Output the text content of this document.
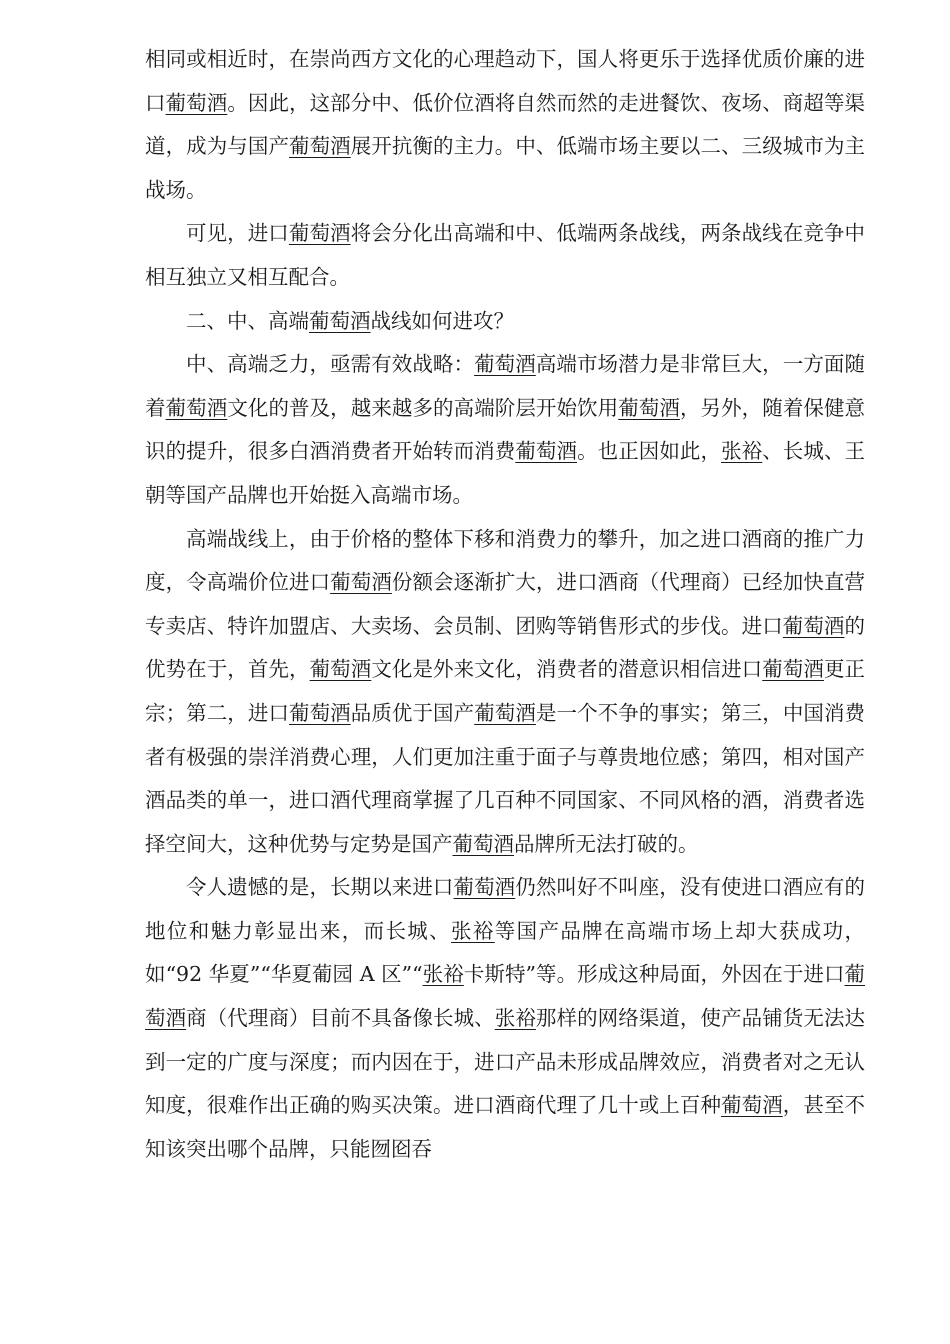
相同或相近时，在崇尚西方文化的心理趋动下，国人将更乐于选择优质价廉的进口葡萄酒。因此，这部分中、低价位酒将自然而然的走进餐饮、夜场、商超等渠道，成为与国产葡萄酒展开抗衡的主力。中、低端市场主要以二、三级城市为主战场。

可见，进口葡萄酒将会分化出高端和中、低端两条战线，两条战线在竞争中相互独立又相互配合。

二、中、高端葡萄酒战线如何进攻？

中、高端乏力，亟需有效战略：葡萄酒高端市场潜力是非常巨大，一方面随着葡萄酒文化的普及，越来越多的高端阶层开始饮用葡萄酒，另外，随着保健意识的提升，很多白酒消费者开始转而消费葡萄酒。也正因如此，张裕、长城、王朝等国产品牌也开始挺入高端市场。

高端战线上，由于价格的整体下移和消费力的攀升，加之进口酒商的推广力度，令高端价位进口葡萄酒份额会逐渐扩大，进口酒商（代理商）已经加快直营专卖店、特许加盟店、大卖场、会员制、团购等销售形式的步伐。进口葡萄酒的优势在于，首先，葡萄酒文化是外来文化，消费者的潜意识相信进口葡萄酒更正宗；第二，进口葡萄酒品质优于国产葡萄酒是一个不争的事实；第三，中国消费者有极强的崇洋消费心理，人们更加注重于面子与尊贵地位感；第四，相对国产酒品类的单一，进口酒代理商掌握了几百种不同国家、不同风格的酒，消费者选择空间大，这种优势与定势是国产葡萄酒品牌所无法打破的。

令人遗憾的是，长期以来进口葡萄酒仍然叫好不叫座，没有使进口酒应有的地位和魅力彰显出来，而长城、张裕等国产品牌在高端市场上却大获成功，如“92 华夏”“华夏葡园 A 区”“张裕卡斯特”等。形成这种局面，外因在于进口葡萄酒商（代理商）目前不具备像长城、张裕那样的网络渠道，使产品铺货无法达到一定的广度与深度；而内因在于，进口产品未形成品牌效应，消费者对之无认知度，很难作出正确的购买决策。进口酒商代理了几十或上百种葡萄酒，甚至不知该突出哪个品牌，只能囫囵吞
